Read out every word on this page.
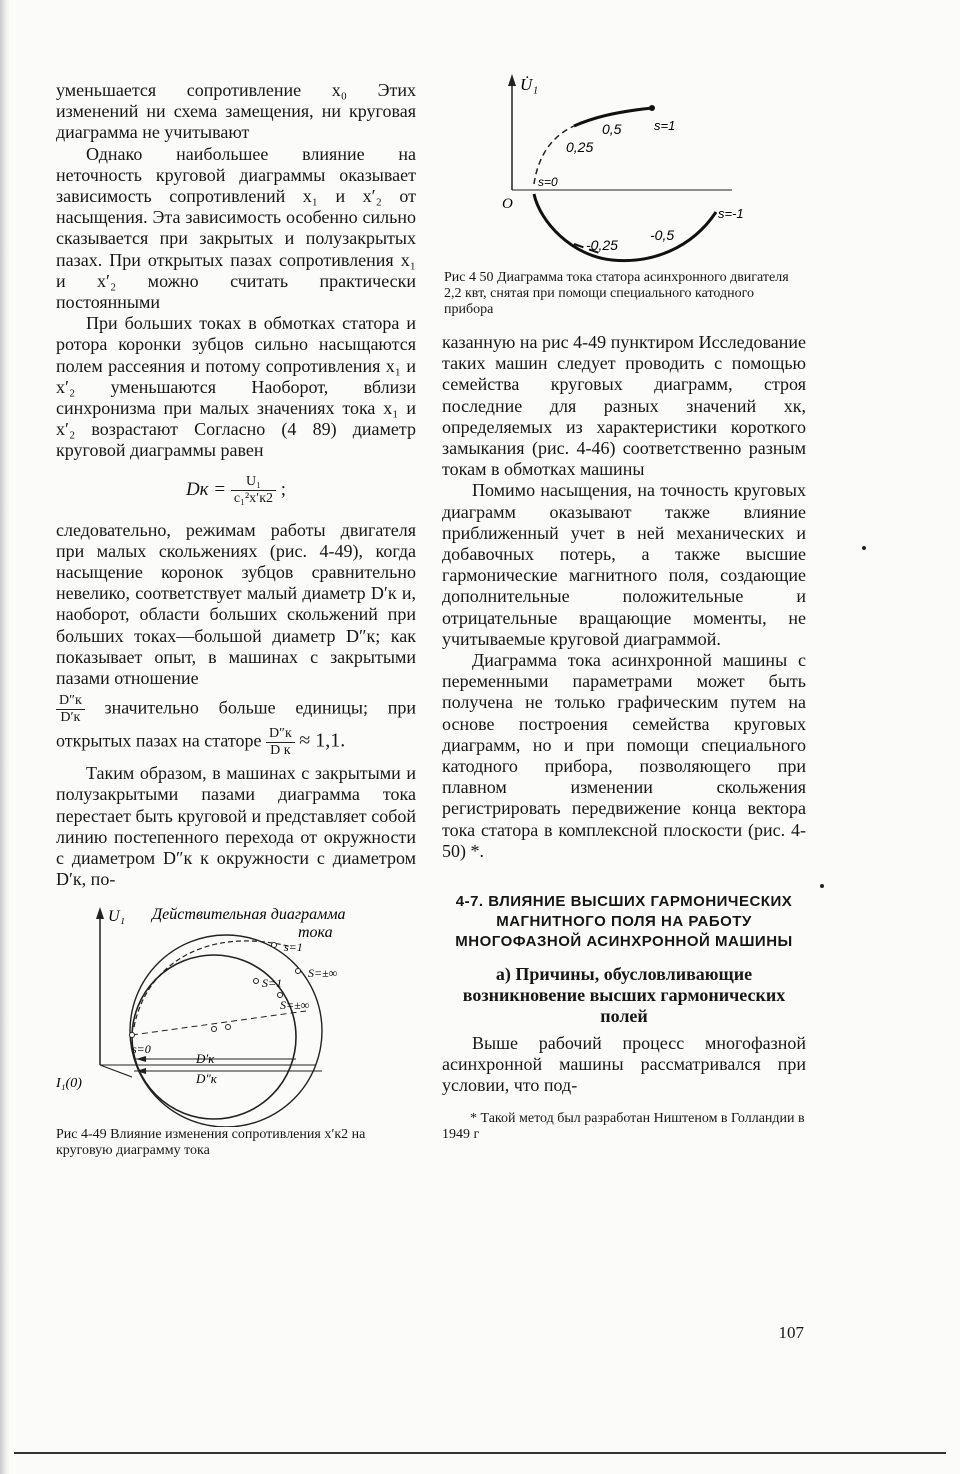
уменьшается сопротивление x₀ Этих изменений ни схема замещения, ни круговая диаграмма не учитывают

Однако наибольшее влияние на неточность круговой диаграммы оказывает зависимость сопротивлений x₁ и x′₂ от насыщения. Эта зависимость особенно сильно сказывается при закрытых и полузакрытых пазах. При открытых пазах сопротивления x₁ и x′₂ можно считать практически постоянными

При больших токах в обмотках статора и ротора коронки зубцов сильно насыщаются полем рассеяния и потому сопротивления x₁ и x′₂ уменьшаются Наоборот, вблизи синхронизма при малых значениях тока x₁ и x′₂ возрастают Согласно (4 89) диаметр круговой диаграммы равен

Dк = $\frac{\text{U₁}}{\text{c₁²x′к2}}$ ;

следовательно, режимам работы двигателя при малых скольжениях (рис. 4-49), когда насыщение коронок зубцов сравнительно невелико, соответствует малый диаметр D′к и, наоборот, области больших скольжений при больших токах—большой диаметр D″к; как показывает опыт, в машинах с закрытыми пазами отношение

$\frac{D''к}{D'к}$ значительно больше единицы; при открытых пазах на статоре $\frac{D''к}{\text{D к}} \approx 1,1$.

Таким образом, в машинах с закрытыми и полузакрытыми пазами диаграмма тока перестает быть круговой и представляет собой линию постепенного перехода от окружности с диаметром D″к к окружности с диаметром D′к, по-

U₁ Действительная диаграмма
тока
s=1
S=1
S=±∞
S=±∞
s=0
D′к
D″к
I₁(0)
Рис 4-49 Влияние изменения сопротивления x′к2 на круговую диаграмму тока
U̇₁
O
s=1
0,5
0,25
s=0
s=-1
-0,5
-0,25
Рис 4 50 Диаграмма тока статора асинхронного двигателя 2,2 квт, снятая при помощи специального катодного прибора

казанную на рис 4-49 пунктиром Исследование таких машин следует проводить с помощью семейства круговых диаграмм, строя последние для разных значений xк, определяемых из характеристики короткого замыкания (рис. 4-46) соответственно разным токам в обмотках машины

Помимо насыщения, на точность круговых диаграмм оказывают также влияние приближенный учет в ней механических и добавочных потерь, а также высшие гармонические магнитного поля, создающие дополнительные положительные и отрицательные вращающие моменты, не учитываемые круговой диаграммой.

Диаграмма тока асинхронной машины с переменными параметрами может быть получена не только графическим путем на основе построения семейства круговых диаграмм, но и при помощи специального катодного прибора, позволяющего при плавном изменении скольжения регистрировать передвижение конца вектора тока статора в комплексной плоскости (рис. 4-50) *.

4-7. ВЛИЯНИЕ ВЫСШИХ ГАРМОНИЧЕСКИХ МАГНИТНОГО ПОЛЯ НА РАБОТУ МНОГОФАЗНОЙ АСИНХРОННОЙ МАШИНЫ
а) Причины, обусловливающие возникновение высших гармонических полей

Выше рабочий процесс многофазной асинхронной машины рассматривался при условии, что под-

* Такой метод был разработан Ништеном в Голландии в 1949 г
107
